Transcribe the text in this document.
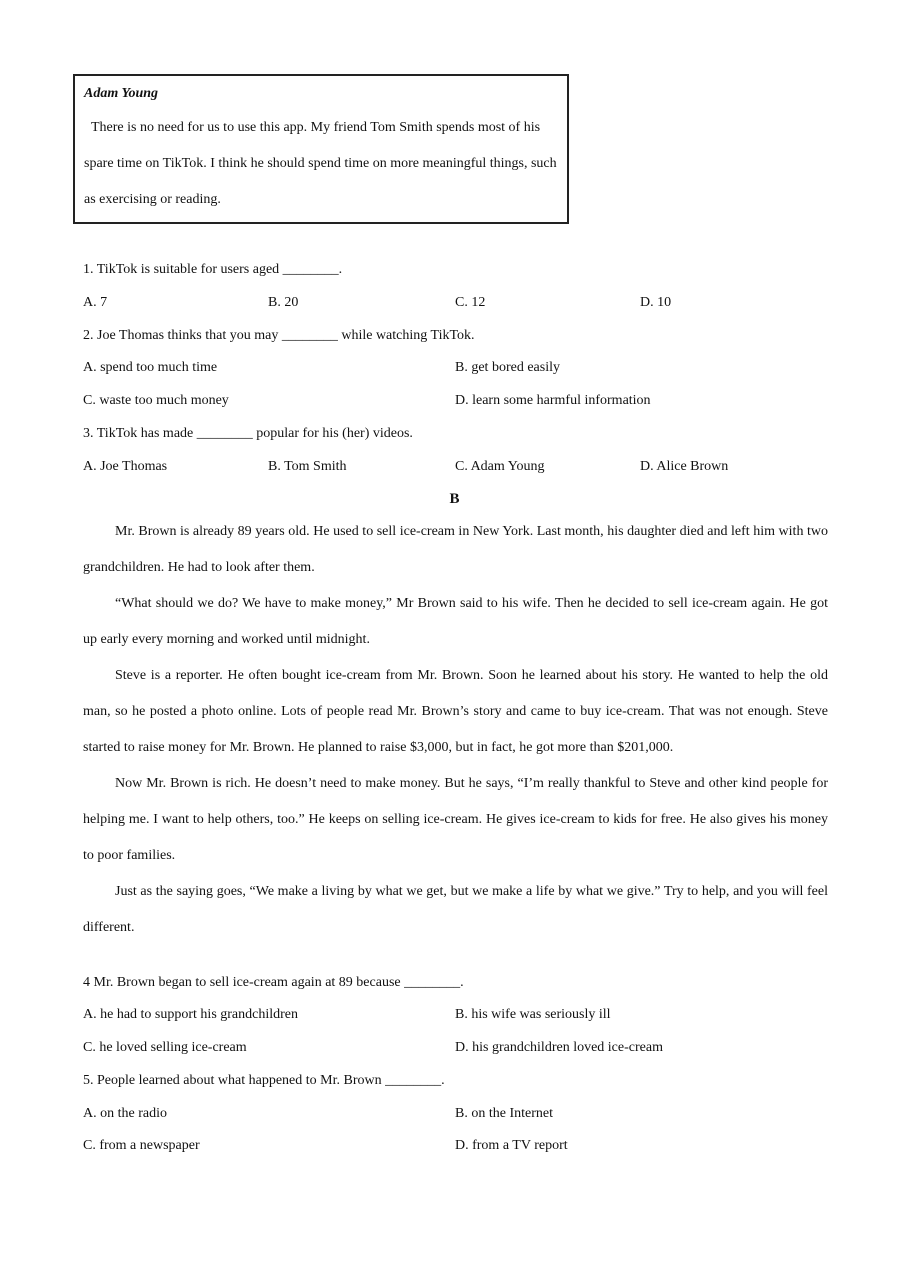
Adam Young
There is no need for us to use this app. My friend Tom Smith spends most of his spare time on TikTok. I think he should spend time on more meaningful things, such as exercising or reading.
1. TikTok is suitable for users aged ________.
A. 7	B. 20	C. 12	D. 10
2. Joe Thomas thinks that you may ________ while watching TikTok.
A. spend too much time	B. get bored easily
C. waste too much money	D. learn some harmful information
3. TikTok has made ________ popular for his (her) videos.
A. Joe Thomas	B. Tom Smith	C. Adam Young	D. Alice Brown
B

Mr. Brown is already 89 years old. He used to sell ice-cream in New York. Last month, his daughter died and left him with two grandchildren. He had to look after them.

“What should we do? We have to make money,” Mr Brown said to his wife. Then he decided to sell ice-cream again. He got up early every morning and worked until midnight.

Steve is a reporter. He often bought ice-cream from Mr. Brown. Soon he learned about his story. He wanted to help the old man, so he posted a photo online. Lots of people read Mr. Brown’s story and came to buy ice-cream. That was not enough. Steve started to raise money for Mr. Brown. He planned to raise $3,000, but in fact, he got more than $201,000.

Now Mr. Brown is rich. He doesn’t need to make money. But he says, “I’m really thankful to Steve and other kind people for helping me. I want to help others, too.” He keeps on selling ice-cream. He gives ice-cream to kids for free. He also gives his money to poor families.

Just as the saying goes, “We make a living by what we get, but we make a life by what we give.” Try to help, and you will feel different.

4 Mr. Brown began to sell ice-cream again at 89 because ________.
A. he had to support his grandchildren	B. his wife was seriously ill
C. he loved selling ice-cream	D. his grandchildren loved ice-cream
5. People learned about what happened to Mr. Brown ________.
A. on the radio	B. on the Internet
C. from a newspaper	D. from a TV report
